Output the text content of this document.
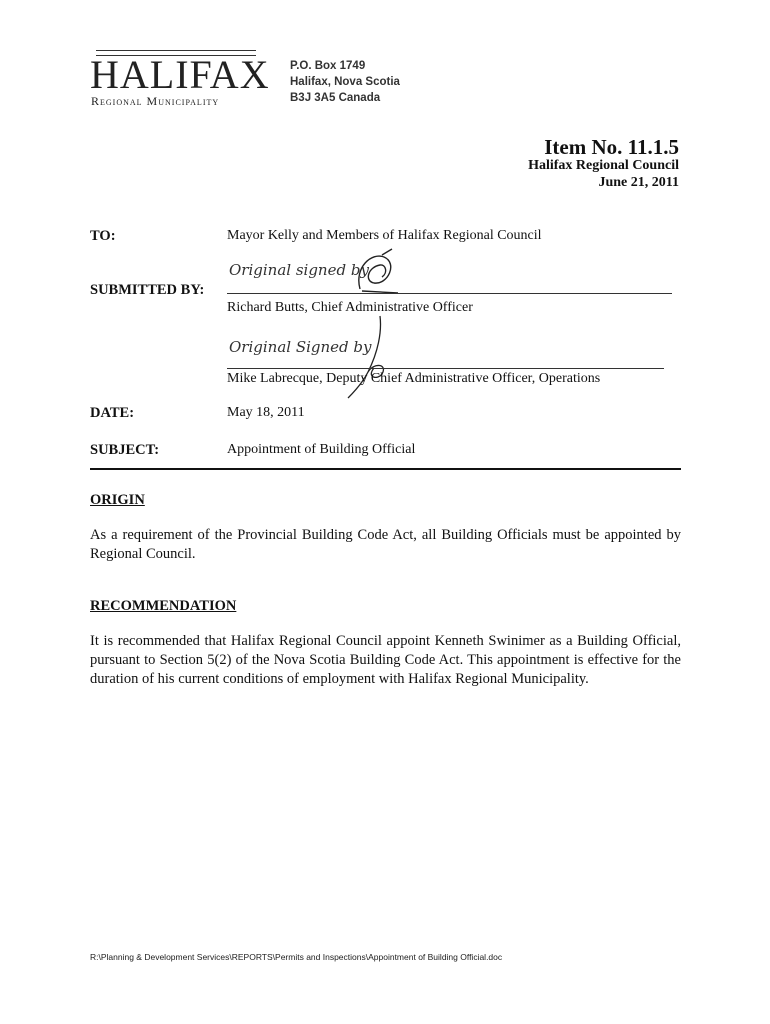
HALIFAX
Regional Municipality
P.O. Box 1749
Halifax, Nova Scotia
B3J 3A5 Canada
Item No. 11.1.5
Halifax Regional Council
June 21, 2011
TO:	Mayor Kelly and Members of Halifax Regional Council
Original signed by
SUBMITTED BY:
Richard Butts, Chief Administrative Officer
Original Signed by
Mike Labrecque, Deputy Chief Administrative Officer, Operations
DATE:	May 18, 2011
SUBJECT:	Appointment of Building Official
ORIGIN
As a requirement of the Provincial Building Code Act, all Building Officials must be appointed by Regional Council.
RECOMMENDATION
It is recommended that Halifax Regional Council appoint Kenneth Swinimer as a Building Official, pursuant to Section 5(2) of the Nova Scotia Building Code Act. This appointment is effective for the duration of his current conditions of employment with Halifax Regional Municipality.
R:\Planning & Development Services\REPORTS\Permits and Inspections\Appointment of Building Official.doc
